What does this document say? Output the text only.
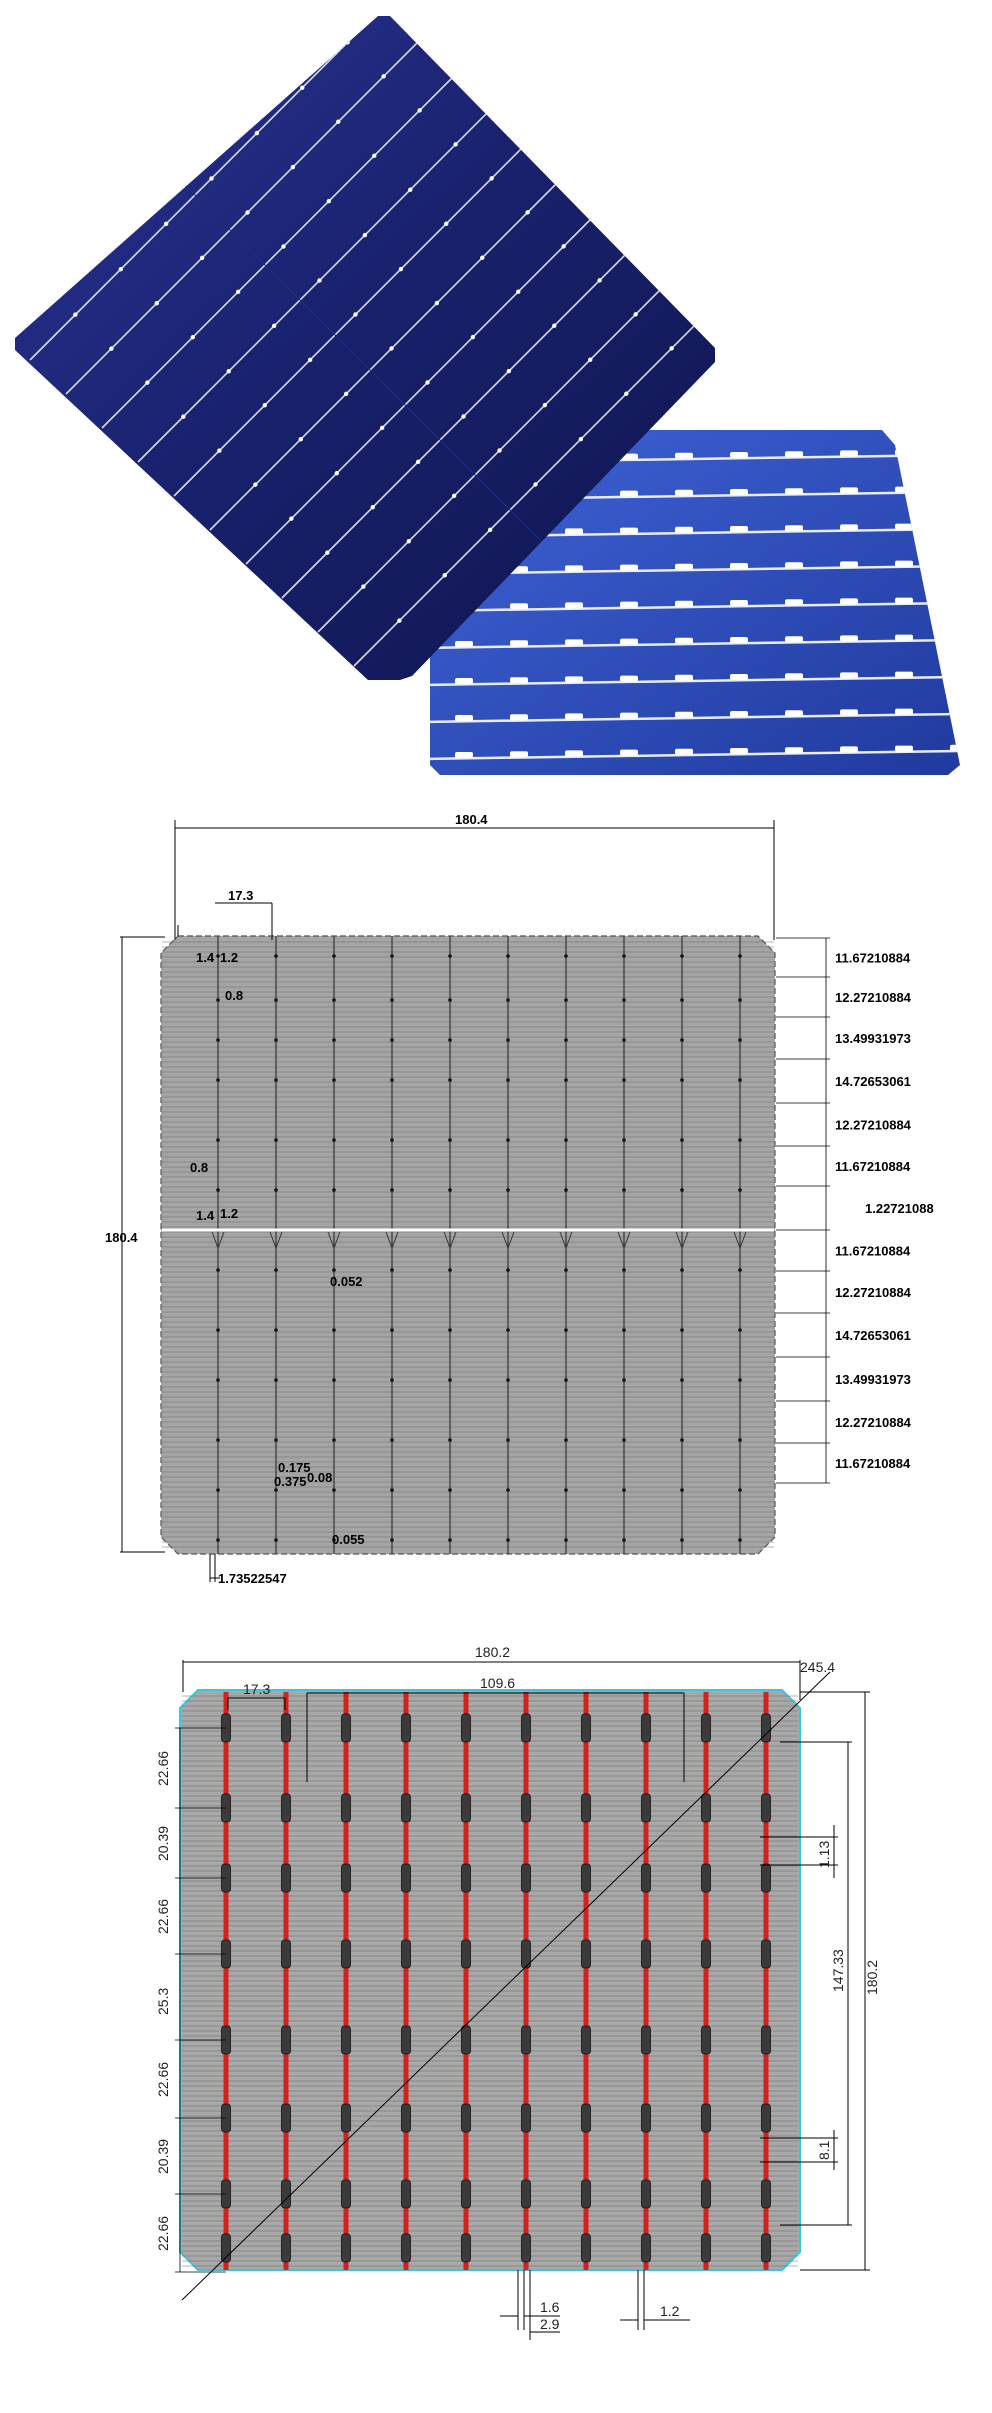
180.4
17.3
180.4
1.4 1.2
0.8
0.8
1.4 1.2
0.052
0.175
0.375 0.08
0.055
1.73522547
11.67210884
12.27210884
13.49931973
14.72653061
12.27210884
11.67210884
1.22721088
11.67210884
12.27210884
14.72653061
13.49931973
12.27210884
11.67210884
180.2
17.3	109.6
245.4
180.2
147.33
1.13
8.1
22.66
20.39
22.66
25.3
22.66
20.39
22.66
1.6
2.9
1.2
